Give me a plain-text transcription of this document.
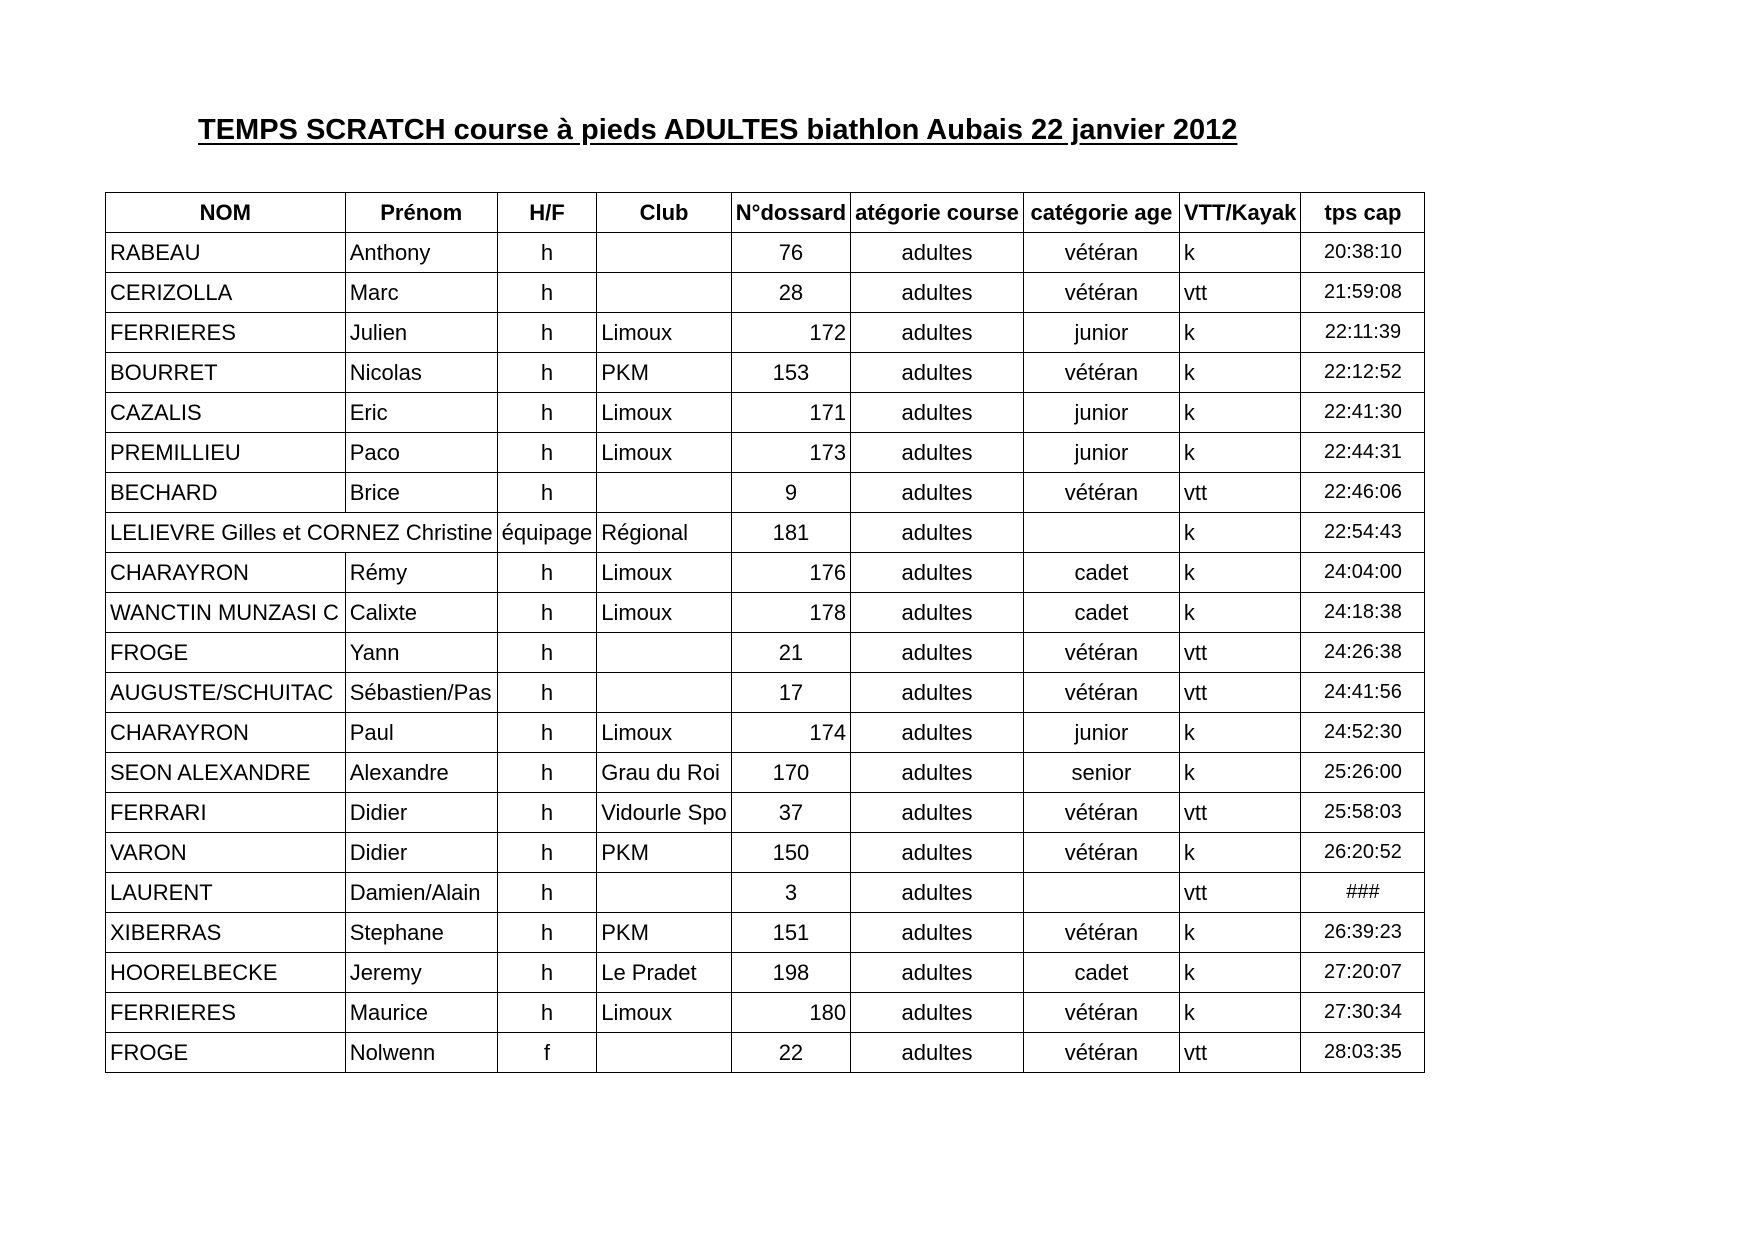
TEMPS SCRATCH course à pieds ADULTES biathlon Aubais 22 janvier 2012
NOM	Prénom	H/F	Club	N°dossard	atégorie course	catégorie age	VTT/Kayak	tps cap
RABEAU	Anthony	h		76	adultes	vétéran	k	20:38:10
CERIZOLLA	Marc	h		28	adultes	vétéran	vtt	21:59:08
FERRIERES	Julien	h	Limoux	172	adultes	junior	k	22:11:39
BOURRET	Nicolas	h	PKM	153	adultes	vétéran	k	22:12:52
CAZALIS	Eric	h	Limoux	171	adultes	junior	k	22:41:30
PREMILLIEU	Paco	h	Limoux	173	adultes	junior	k	22:44:31
BECHARD	Brice	h		9	adultes	vétéran	vtt	22:46:06
LELIEVRE Gilles et CORNEZ Christine		équipage	Régional	181	adultes		k	22:54:43
CHARAYRON	Rémy	h	Limoux	176	adultes	cadet	k	24:04:00
WANCTIN MUNZASI C	Calixte	h	Limoux	178	adultes	cadet	k	24:18:38
FROGE	Yann	h		21	adultes	vétéran	vtt	24:26:38
AUGUSTE/SCHUITAC	Sébastien/Pas	h		17	adultes	vétéran	vtt	24:41:56
CHARAYRON	Paul	h	Limoux	174	adultes	junior	k	24:52:30
SEON ALEXANDRE	Alexandre	h	Grau du Roi	170	adultes	senior	k	25:26:00
FERRARI	Didier	h	Vidourle Spo	37	adultes	vétéran	vtt	25:58:03
VARON	Didier	h	PKM	150	adultes	vétéran	k	26:20:52
LAURENT	Damien/Alain	h		3	adultes		vtt	###
XIBERRAS	Stephane	h	PKM	151	adultes	vétéran	k	26:39:23
HOORELBECKE	Jeremy	h	Le Pradet	198	adultes	cadet	k	27:20:07
FERRIERES	Maurice	h	Limoux	180	adultes	vétéran	k	27:30:34
FROGE	Nolwenn	f		22	adultes	vétéran	vtt	28:03:35
